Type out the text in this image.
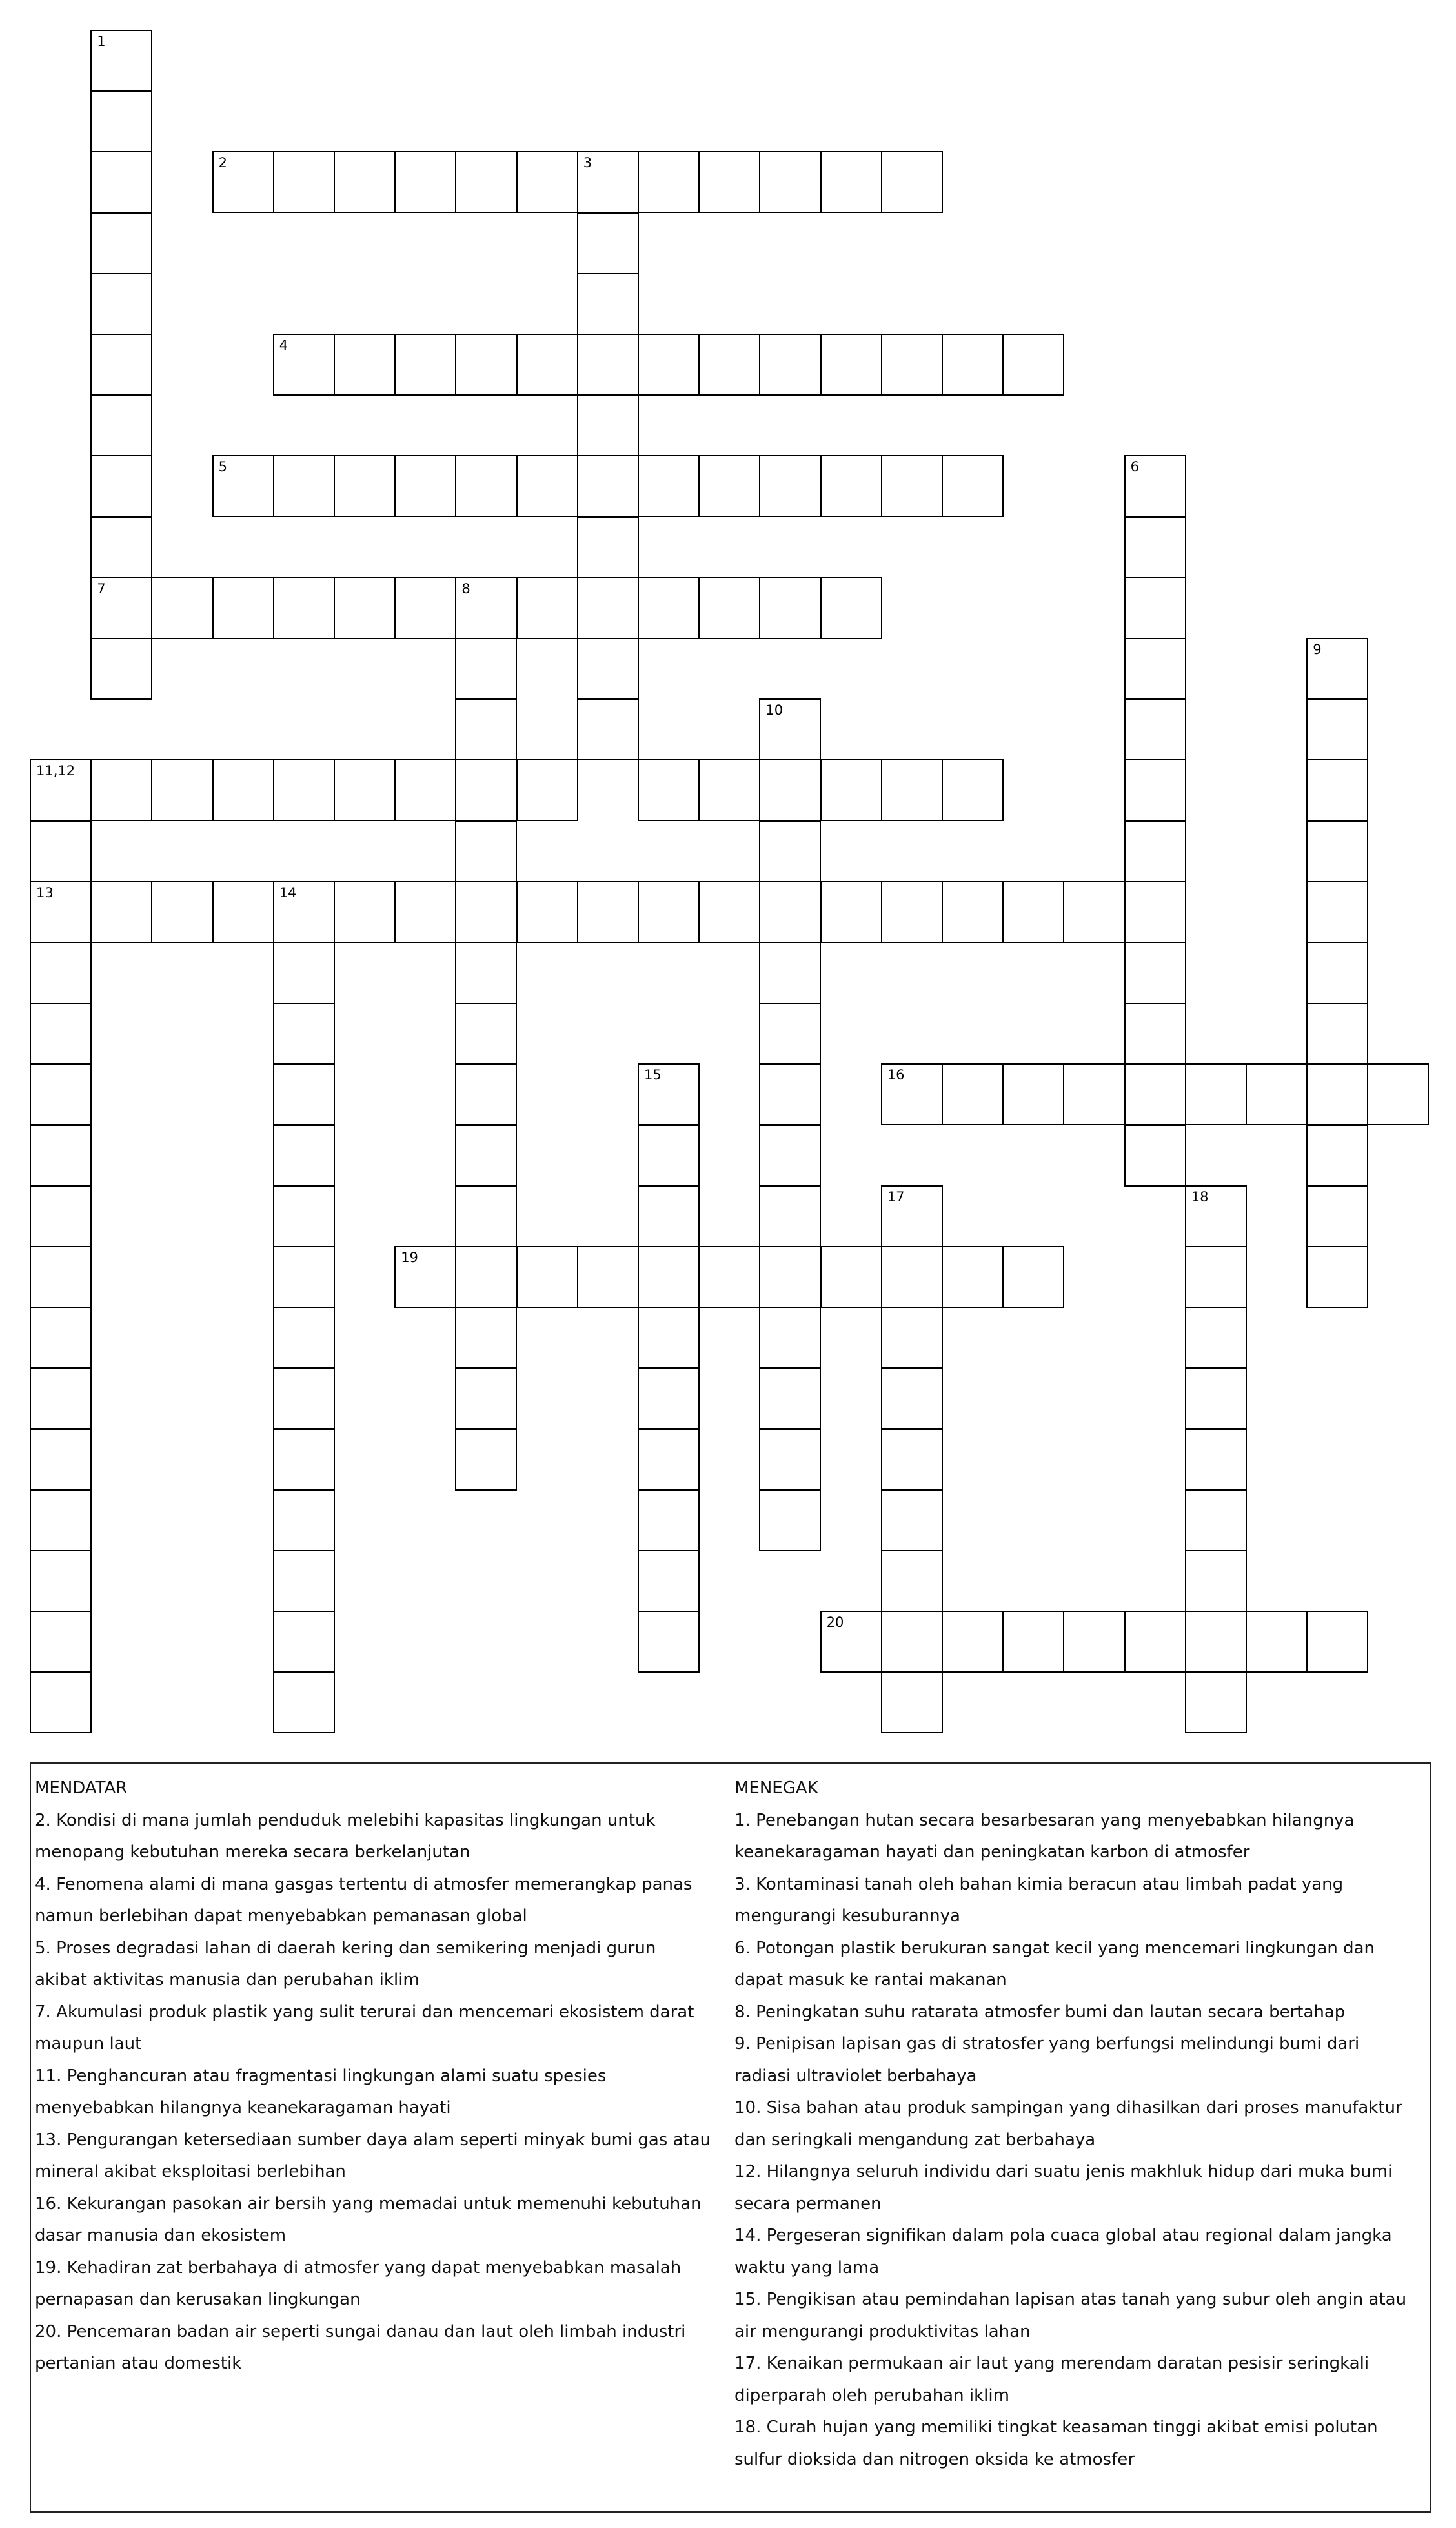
1
7
2	3
4
5	6
8
9
10
11,12
13	14
15	16
17	18
19
20

MENDATAR

2. Kondisi di mana jumlah penduduk melebihi kapasitas lingkungan untuk

menopang kebutuhan mereka secara berkelanjutan

4. Fenomena alami di mana gasgas tertentu di atmosfer memerangkap panas

namun berlebihan dapat menyebabkan pemanasan global

5. Proses degradasi lahan di daerah kering dan semikering menjadi gurun

akibat aktivitas manusia dan perubahan iklim

7. Akumulasi produk plastik yang sulit terurai dan mencemari ekosistem darat

maupun laut

11. Penghancuran atau fragmentasi lingkungan alami suatu spesies

menyebabkan hilangnya keanekaragaman hayati

13. Pengurangan ketersediaan sumber daya alam seperti minyak bumi gas atau

mineral akibat eksploitasi berlebihan

16. Kekurangan pasokan air bersih yang memadai untuk memenuhi kebutuhan

dasar manusia dan ekosistem

19. Kehadiran zat berbahaya di atmosfer yang dapat menyebabkan masalah

pernapasan dan kerusakan lingkungan

20. Pencemaran badan air seperti sungai danau dan laut oleh limbah industri

pertanian atau domestik

MENEGAK

1. Penebangan hutan secara besarbesaran yang menyebabkan hilangnya

keanekaragaman hayati dan peningkatan karbon di atmosfer

3. Kontaminasi tanah oleh bahan kimia beracun atau limbah padat yang

mengurangi kesuburannya

6. Potongan plastik berukuran sangat kecil yang mencemari lingkungan dan

dapat masuk ke rantai makanan

8. Peningkatan suhu ratarata atmosfer bumi dan lautan secara bertahap

9. Penipisan lapisan gas di stratosfer yang berfungsi melindungi bumi dari

radiasi ultraviolet berbahaya

10. Sisa bahan atau produk sampingan yang dihasilkan dari proses manufaktur

dan seringkali mengandung zat berbahaya

12. Hilangnya seluruh individu dari suatu jenis makhluk hidup dari muka bumi

secara permanen

14. Pergeseran signifikan dalam pola cuaca global atau regional dalam jangka

waktu yang lama

15. Pengikisan atau pemindahan lapisan atas tanah yang subur oleh angin atau

air mengurangi produktivitas lahan

17. Kenaikan permukaan air laut yang merendam daratan pesisir seringkali

diperparah oleh perubahan iklim

18. Curah hujan yang memiliki tingkat keasaman tinggi akibat emisi polutan

sulfur dioksida dan nitrogen oksida ke atmosfer
